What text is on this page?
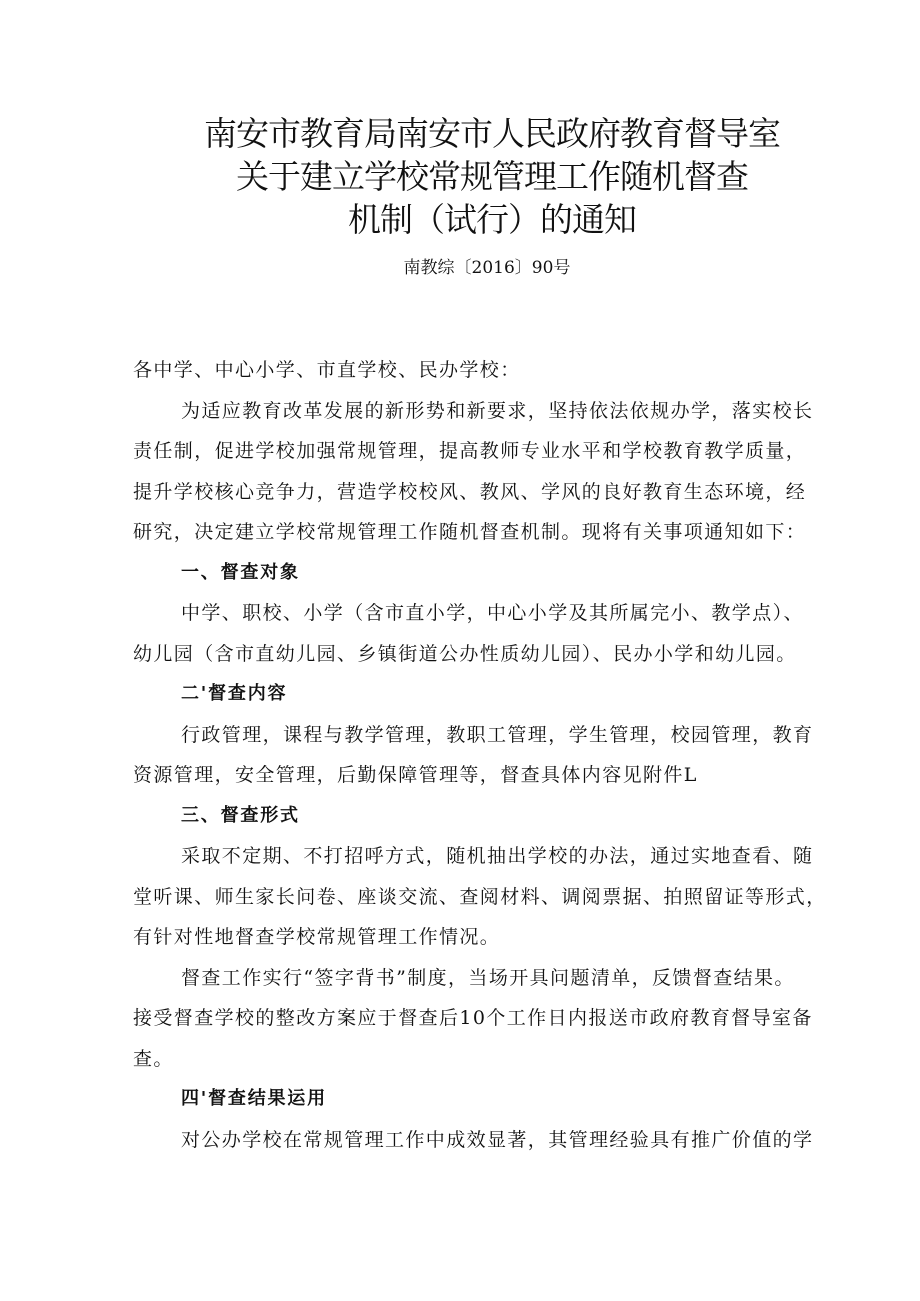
南安市教育局南安市人民政府教育督导室
关于建立学校常规管理工作随机督查
机制（试行）的通知
南教综〔2016〕90号
各中学、中心小学、市直学校、民办学校：
为适应教育改革发展的新形势和新要求，坚持依法依规办学，落实校长
责任制，促进学校加强常规管理，提高教师专业水平和学校教育教学质量，
提升学校核心竞争力，营造学校校风、教风、学风的良好教育生态环境，经
研究，决定建立学校常规管理工作随机督查机制。现将有关事项通知如下：
一、督查对象
中学、职校、小学（含市直小学，中心小学及其所属完小、教学点）、
幼儿园（含市直幼儿园、乡镇街道公办性质幼儿园）、民办小学和幼儿园。
二'督查内容
行政管理，课程与教学管理，教职工管理，学生管理，校园管理，教育
资源管理，安全管理，后勤保障管理等，督查具体内容见附件L
三、督查形式
采取不定期、不打招呼方式，随机抽出学校的办法，通过实地查看、随
堂听课、师生家长问卷、座谈交流、查阅材料、调阅票据、拍照留证等形式，
有针对性地督查学校常规管理工作情况。
督查工作实行“签字背书”制度，当场开具问题清单，反馈督查结果。
接受督查学校的整改方案应于督查后10个工作日内报送市政府教育督导室备
查。
四'督查结果运用
对公办学校在常规管理工作中成效显著，其管理经验具有推广价值的学
